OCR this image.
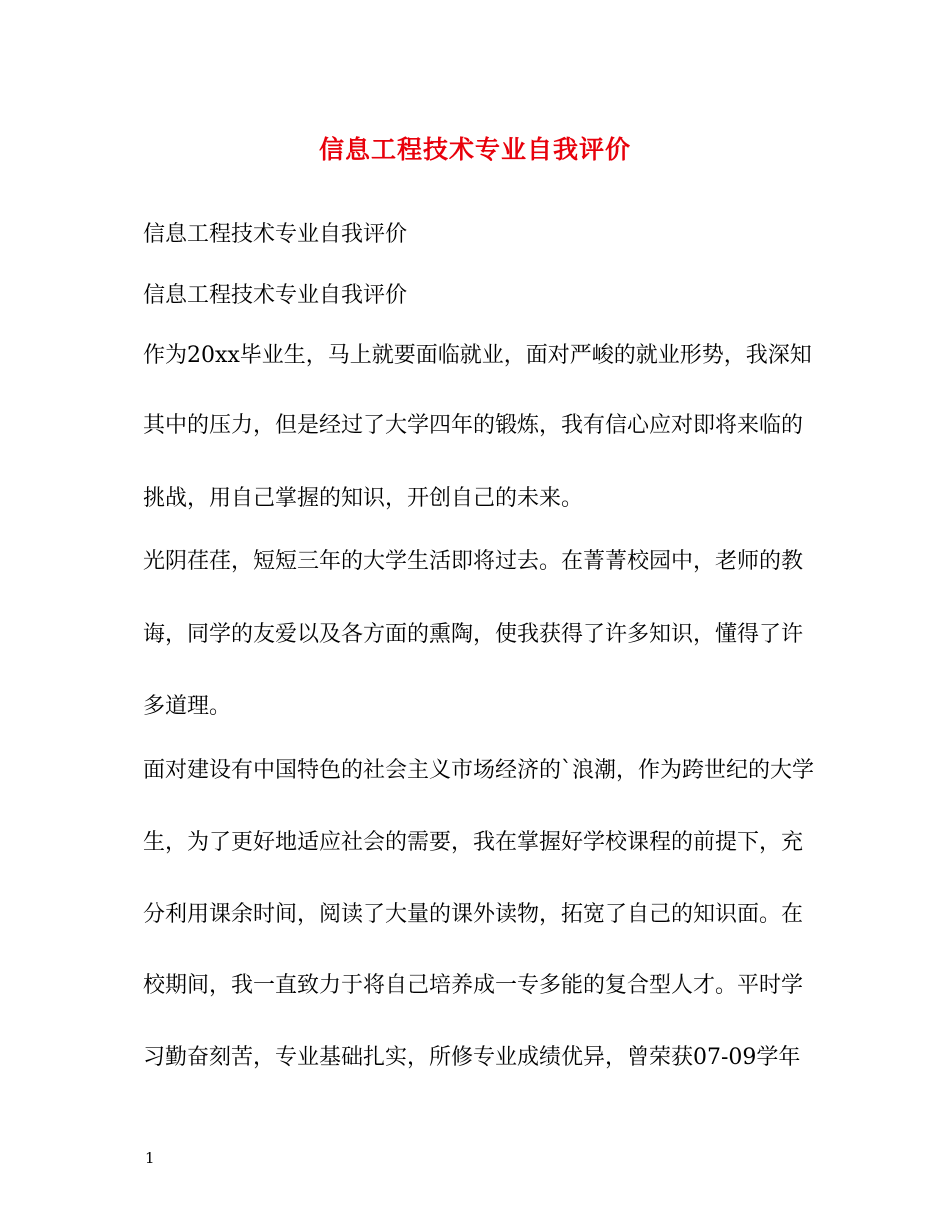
信息工程技术专业自我评价
信息工程技术专业自我评价
信息工程技术专业自我评价
作为20xx毕业生，马上就要面临就业，面对严峻的就业形势，我深知
其中的压力，但是经过了大学四年的锻炼，我有信心应对即将来临的
挑战，用自己掌握的知识，开创自己的未来。
光阴荏荏，短短三年的大学生活即将过去。在菁菁校园中，老师的教
诲，同学的友爱以及各方面的熏陶，使我获得了许多知识，懂得了许
多道理。
面对建设有中国特色的社会主义市场经济的`浪潮，作为跨世纪的大学
生，为了更好地适应社会的需要，我在掌握好学校课程的前提下，充
分利用课余时间，阅读了大量的课外读物，拓宽了自己的知识面。在
校期间，我一直致力于将自己培养成一专多能的复合型人才。平时学
习勤奋刻苦，专业基础扎实，所修专业成绩优异，曾荣获07-09学年
1
